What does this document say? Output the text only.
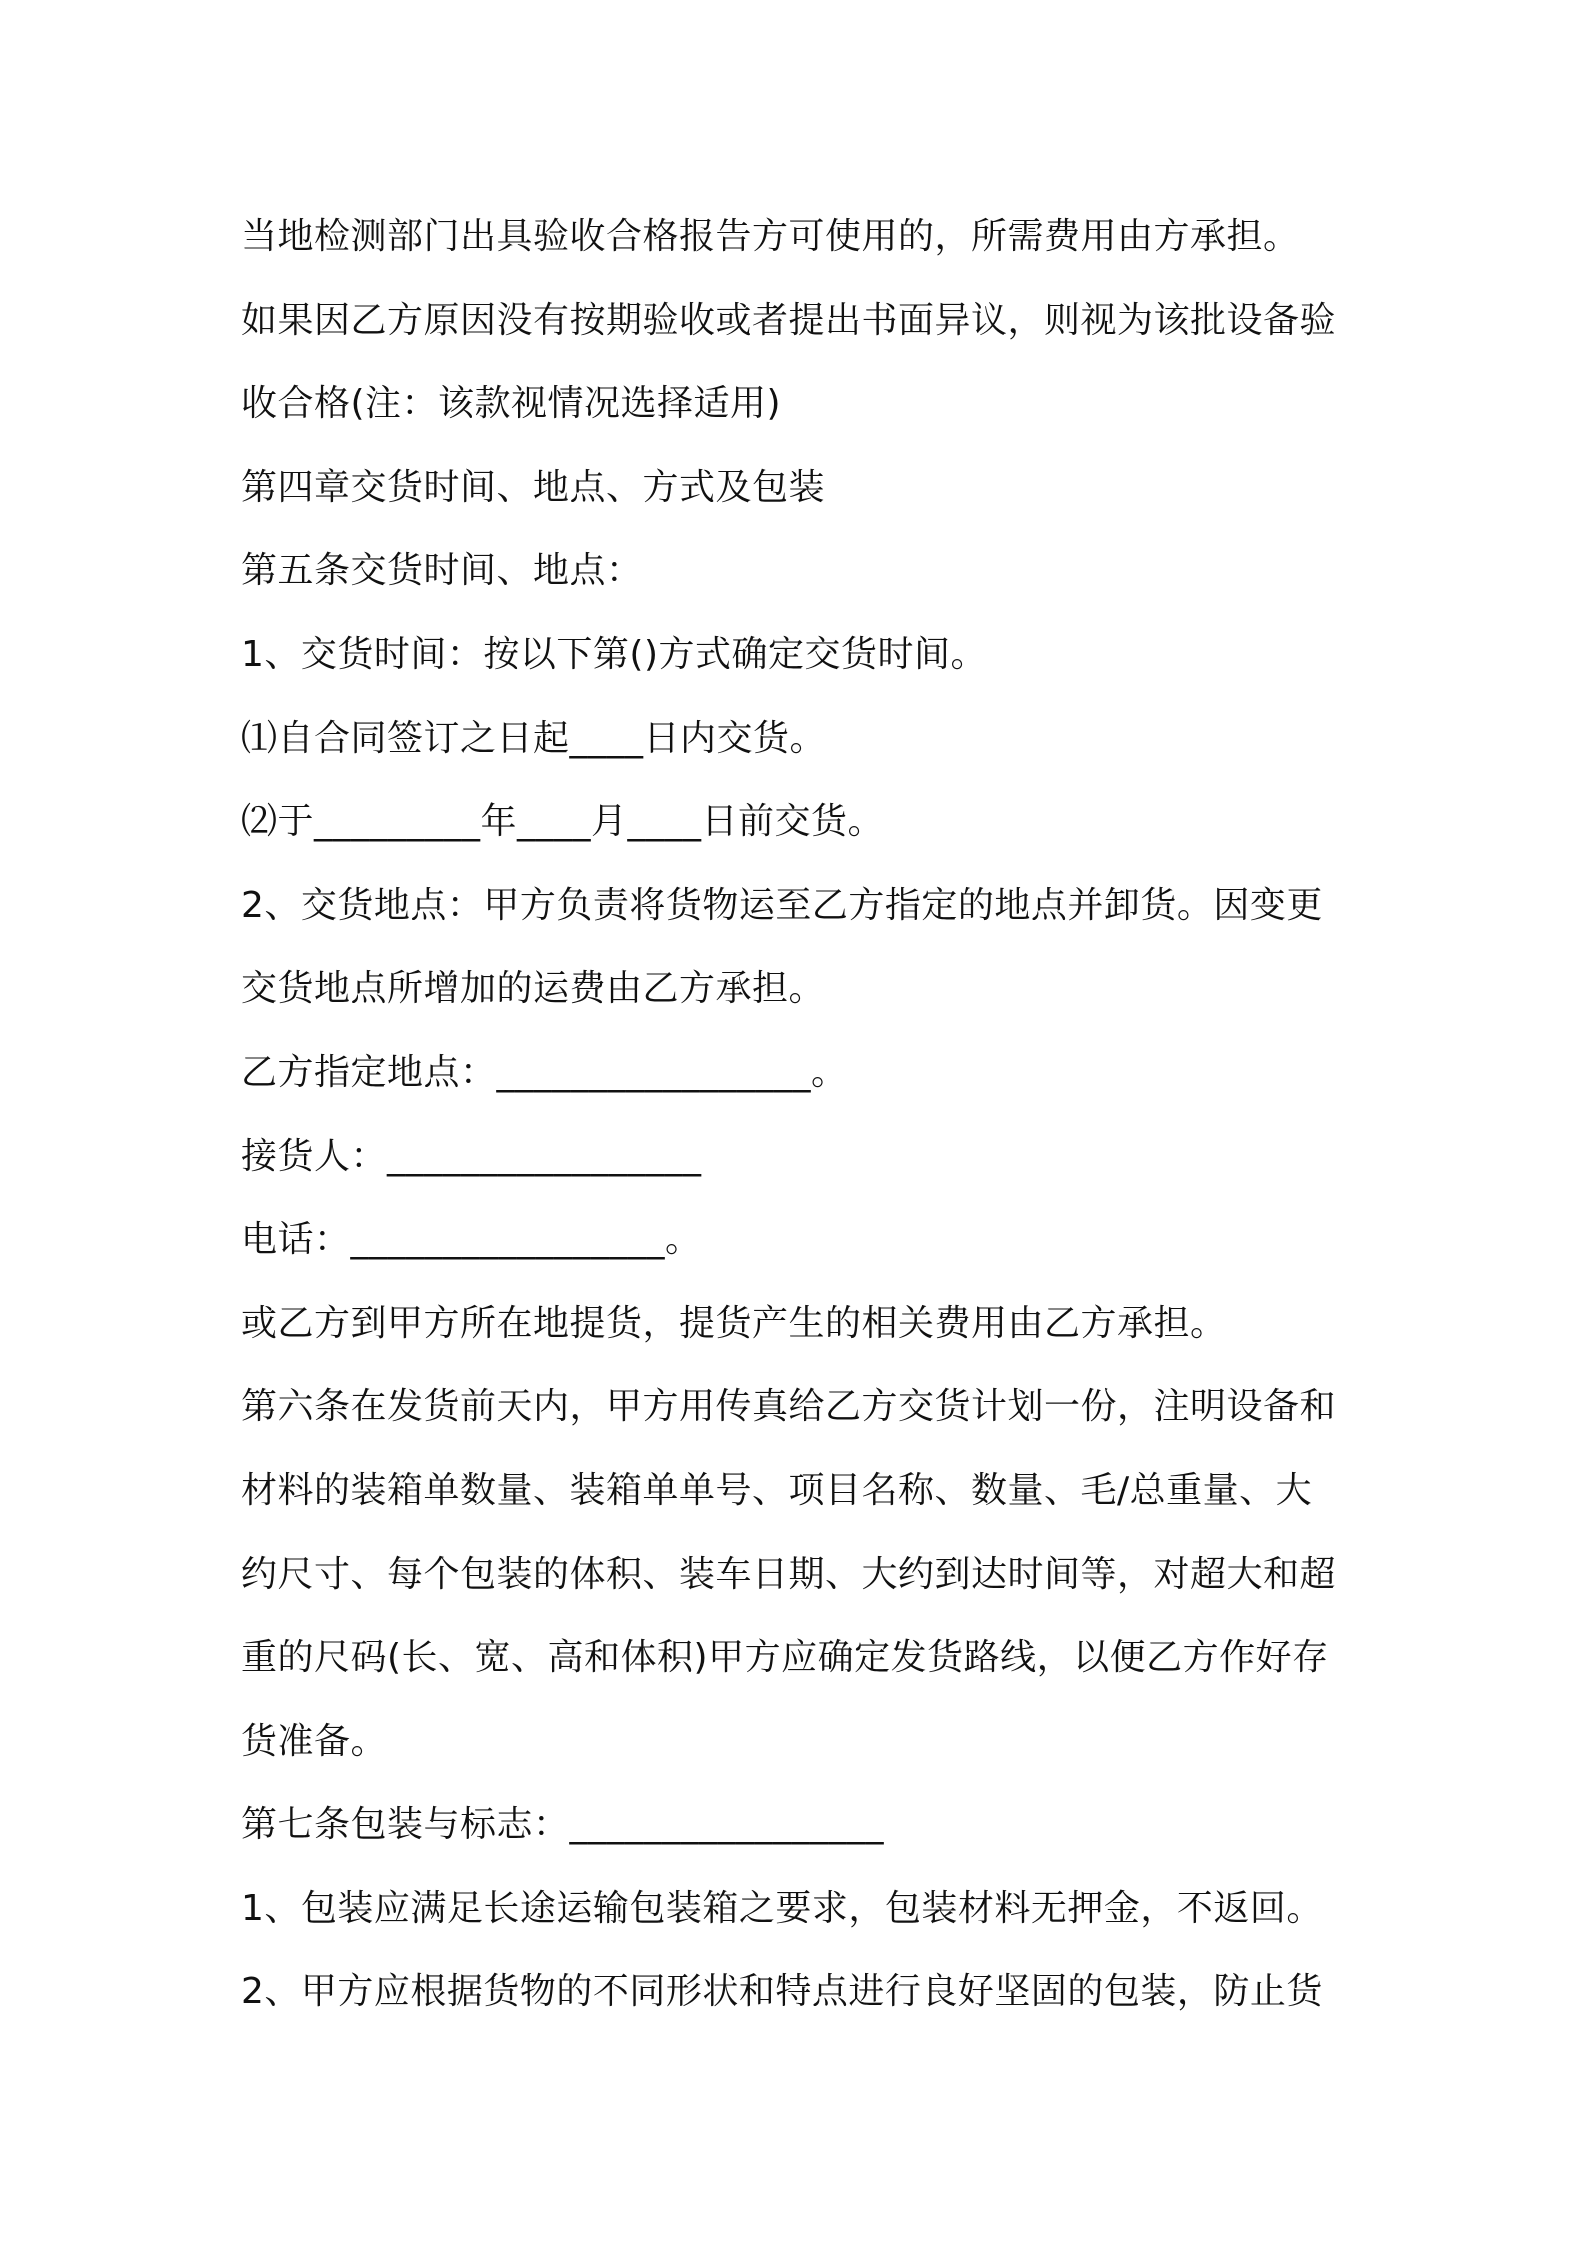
当地检测部门出具验收合格报告方可使用的，所需费用由方承担。
如果因乙方原因没有按期验收或者提出书面异议，则视为该批设备验
收合格(注：该款视情况选择适用)
第四章交货时间、地点、方式及包装
第五条交货时间、地点：
1、交货时间：按以下第()方式确定交货时间。
⑴自合同签订之日起____日内交货。
⑵于_________年____月____日前交货。
2、交货地点：甲方负责将货物运至乙方指定的地点并卸货。因变更
交货地点所增加的运费由乙方承担。
乙方指定地点：_________________。
接货人：_________________
电话：_________________。
或乙方到甲方所在地提货，提货产生的相关费用由乙方承担。
第六条在发货前天内，甲方用传真给乙方交货计划一份，注明设备和
材料的装箱单数量、装箱单单号、项目名称、数量、毛/总重量、大
约尺寸、每个包装的体积、装车日期、大约到达时间等，对超大和超
重的尺码(长、宽、高和体积)甲方应确定发货路线，以便乙方作好存
货准备。
第七条包装与标志：_________________
1、包装应满足长途运输包装箱之要求，包装材料无押金，不返回。
2、甲方应根据货物的不同形状和特点进行良好坚固的包装，防止货
